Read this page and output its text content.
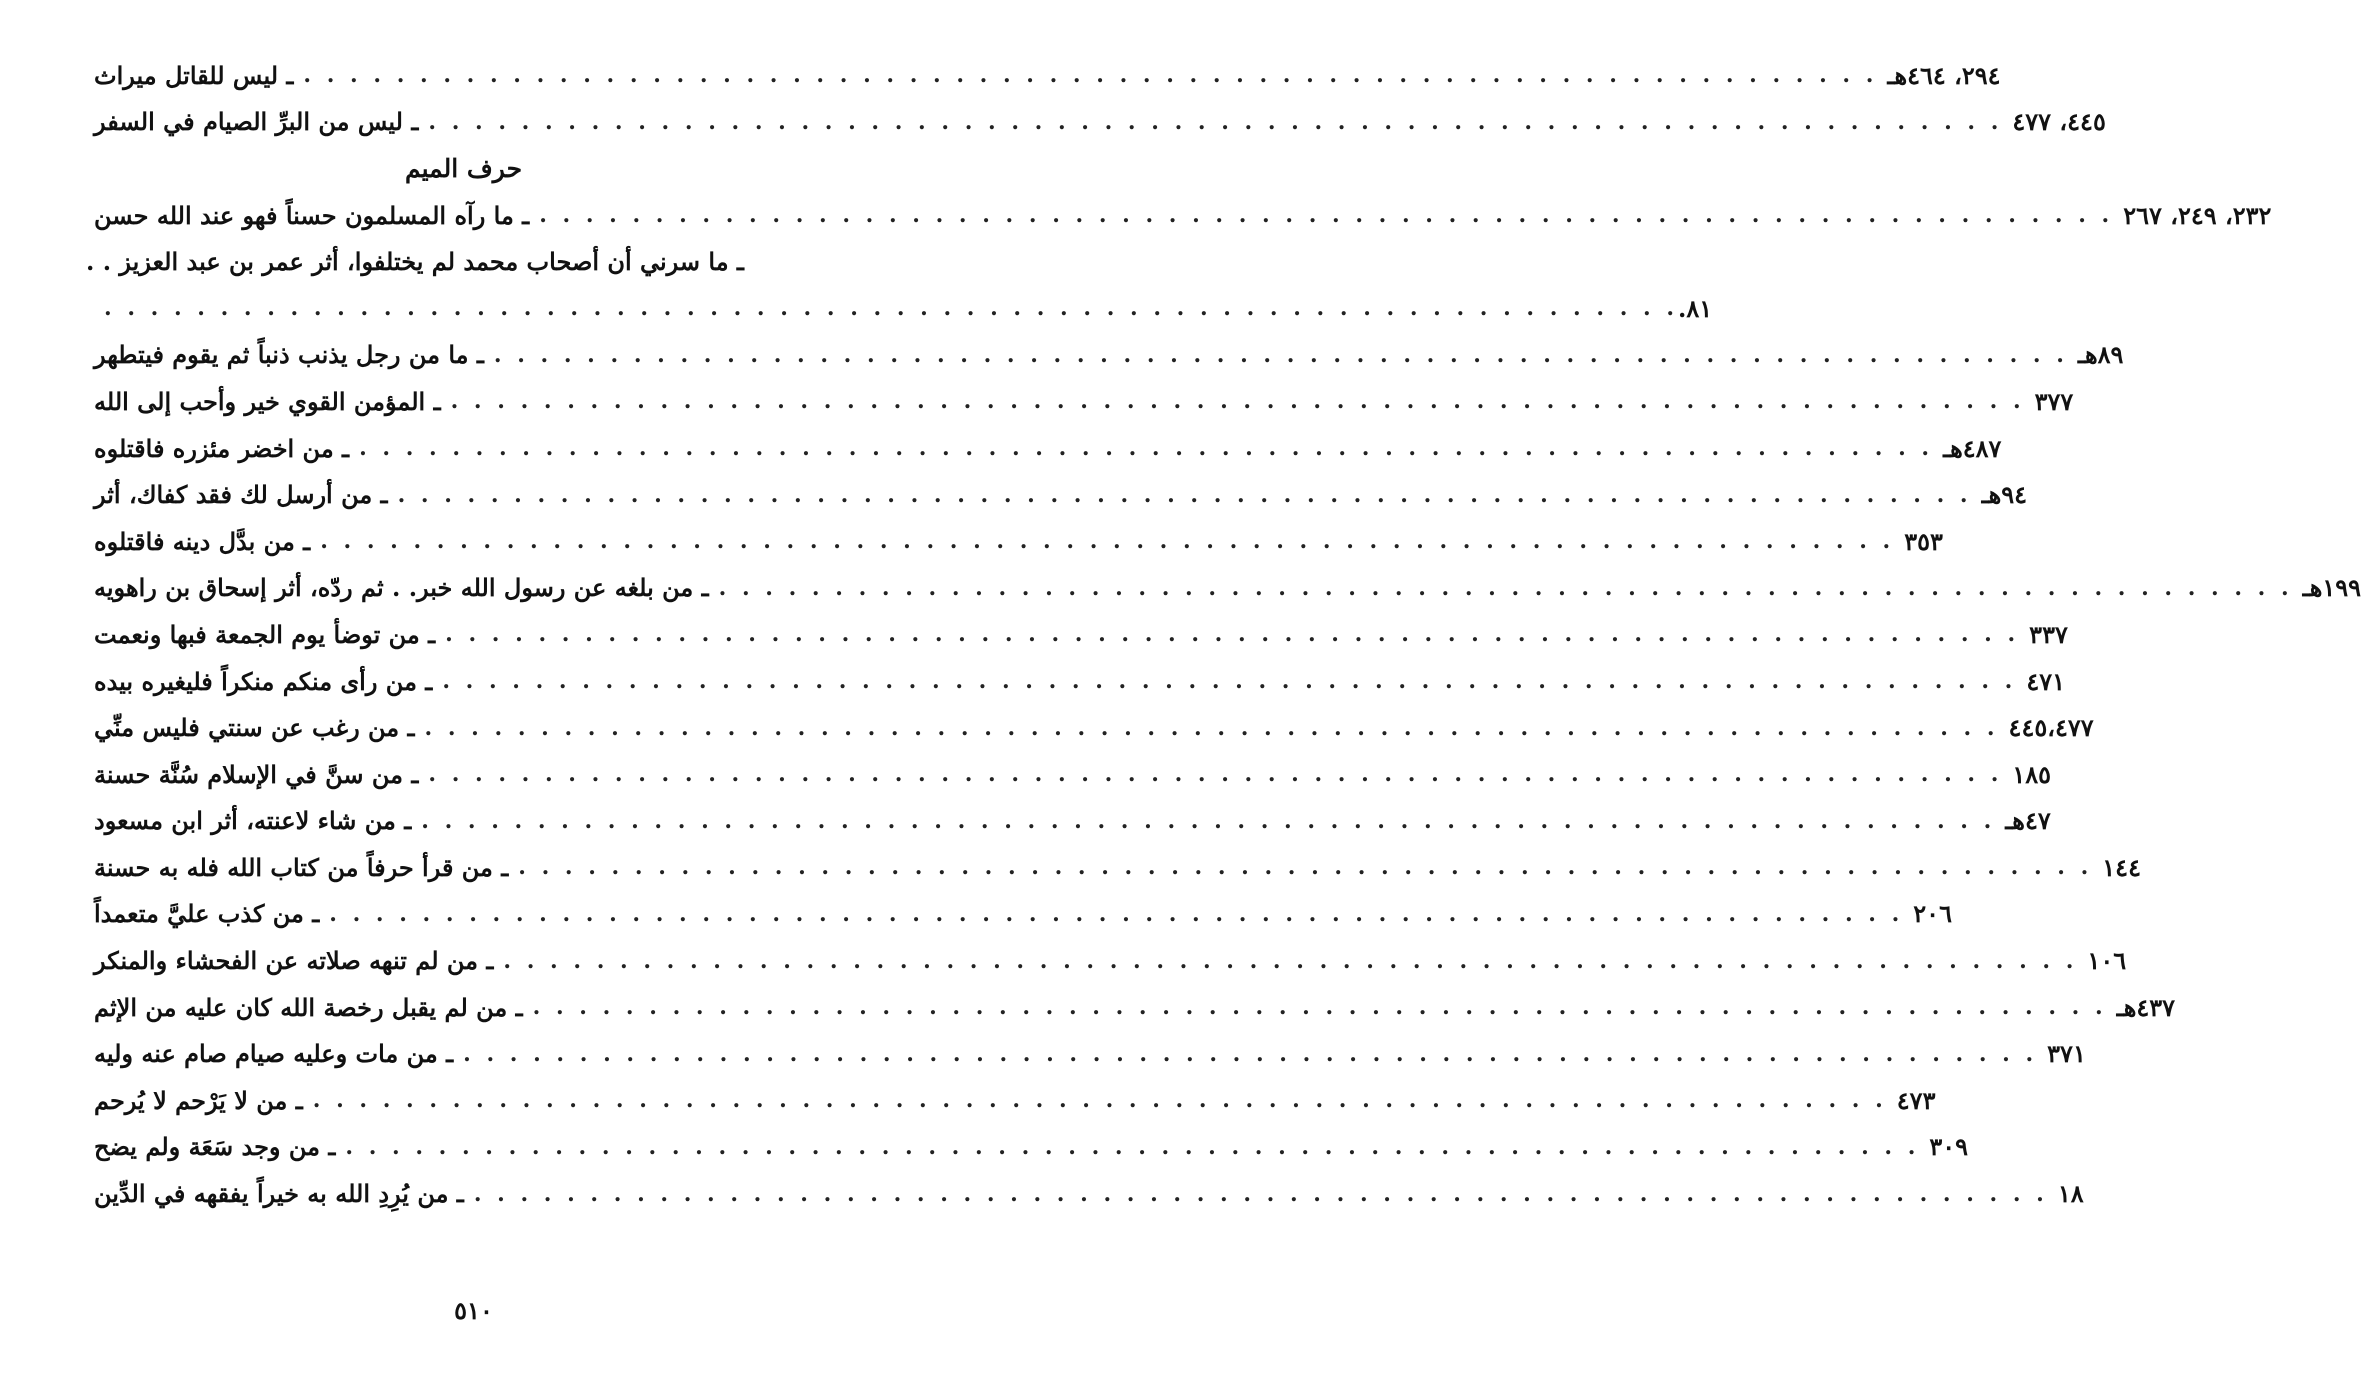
ـ ليس للقاتل ميراث . . . . . . . . . . . . . . . . . . . . . . . . . . . . . . . . . . . . . . . . . . . . . . . . . . . . . . . . . . . . . . . . . . . . ٢٩٤، ٤٦٤هـ
ـ ليس من البرِّ الصيام في السفر . . . . . . . . . . . . . . . . . . . . . . . . . . . . . . . . . . . . . . . . . . . . . . . . . . . . . . . . . . . . . . . . . . . . ٤٤٥، ٤٧٧
حرف الميم
ـ ما رآه المسلمون حسناً فهو عند الله حسن . . . . . . . . . . . . . . . . . . . . . . . . . . . . . . . . . . . . . . . . . . . . . . . . . . . . . . . . . . . . . . . . . . . . ٢٣٢، ٢٤٩، ٢٦٧
ـ ما سرني أن أصحاب محمد لم يختلفوا، أثر عمر بن عبد العزيز . .
. . . . . . . . . . . . . . . . . . . . . . . . . . . . . . . . . . . . . . . . . . . . . . . . . . . . . . . . . . . . . . . . . . . . ٨١.
ـ ما من رجل يذنب ذنباً ثم يقوم فيتطهر . . . . . . . . . . . . . . . . . . . . . . . . . . . . . . . . . . . . . . . . . . . . . . . . . . . . . . . . . . . . . . . . . . . . ٨٩هـ
ـ المؤمن القوي خير وأحب إلى الله . . . . . . . . . . . . . . . . . . . . . . . . . . . . . . . . . . . . . . . . . . . . . . . . . . . . . . . . . . . . . . . . . . . . ٣٧٧
ـ من اخضر مئزره فاقتلوه . . . . . . . . . . . . . . . . . . . . . . . . . . . . . . . . . . . . . . . . . . . . . . . . . . . . . . . . . . . . . . . . . . . . ٤٨٧هـ
ـ من أرسل لك فقد كفاك، أثر . . . . . . . . . . . . . . . . . . . . . . . . . . . . . . . . . . . . . . . . . . . . . . . . . . . . . . . . . . . . . . . . . . . . ٩٤هـ
ـ من بدَّل دينه فاقتلوه . . . . . . . . . . . . . . . . . . . . . . . . . . . . . . . . . . . . . . . . . . . . . . . . . . . . . . . . . . . . . . . . . . . . ٣٥٣
ـ من بلغه عن رسول الله خبر. . ثم ردّه، أثر إسحاق بن راهويه . . . . . . . . . . . . . . . . . . . . . . . . . . . . . . . . . . . . . . . . . . . . . . . . . . . . . . . . . . . . . . . . . . . . ١٩٩هـ
ـ من توضأ يوم الجمعة فبها ونعمت . . . . . . . . . . . . . . . . . . . . . . . . . . . . . . . . . . . . . . . . . . . . . . . . . . . . . . . . . . . . . . . . . . . . ٣٣٧
ـ من رأى منكم منكراً فليغيره بيده . . . . . . . . . . . . . . . . . . . . . . . . . . . . . . . . . . . . . . . . . . . . . . . . . . . . . . . . . . . . . . . . . . . . ٤٧١
ـ من رغب عن سنتي فليس منِّي . . . . . . . . . . . . . . . . . . . . . . . . . . . . . . . . . . . . . . . . . . . . . . . . . . . . . . . . . . . . . . . . . . . . ٤٤٥،٤٧٧
ـ من سنَّ في الإسلام سُنَّة حسنة . . . . . . . . . . . . . . . . . . . . . . . . . . . . . . . . . . . . . . . . . . . . . . . . . . . . . . . . . . . . . . . . . . . . ١٨٥
ـ من شاء لاعنته، أثر ابن مسعود . . . . . . . . . . . . . . . . . . . . . . . . . . . . . . . . . . . . . . . . . . . . . . . . . . . . . . . . . . . . . . . . . . . . ٤٧هـ
ـ من قرأ حرفاً من كتاب الله فله به حسنة . . . . . . . . . . . . . . . . . . . . . . . . . . . . . . . . . . . . . . . . . . . . . . . . . . . . . . . . . . . . . . . . . . . . ١٤٤
ـ من كذب عليَّ متعمداً . . . . . . . . . . . . . . . . . . . . . . . . . . . . . . . . . . . . . . . . . . . . . . . . . . . . . . . . . . . . . . . . . . . . ٢٠٦
ـ من لم تنهه صلاته عن الفحشاء والمنكر . . . . . . . . . . . . . . . . . . . . . . . . . . . . . . . . . . . . . . . . . . . . . . . . . . . . . . . . . . . . . . . . . . . . ١٠٦
ـ من لم يقبل رخصة الله كان عليه من الإثم . . . . . . . . . . . . . . . . . . . . . . . . . . . . . . . . . . . . . . . . . . . . . . . . . . . . . . . . . . . . . . . . . . . . ٤٣٧هـ
ـ من مات وعليه صيام صام عنه وليه . . . . . . . . . . . . . . . . . . . . . . . . . . . . . . . . . . . . . . . . . . . . . . . . . . . . . . . . . . . . . . . . . . . . ٣٧١
ـ من لا يَرْحم لا يُرحم . . . . . . . . . . . . . . . . . . . . . . . . . . . . . . . . . . . . . . . . . . . . . . . . . . . . . . . . . . . . . . . . . . . . ٤٧٣
ـ من وجد سَعَة ولم يضح . . . . . . . . . . . . . . . . . . . . . . . . . . . . . . . . . . . . . . . . . . . . . . . . . . . . . . . . . . . . . . . . . . . . ٣٠٩
ـ من يُرِدِ الله به خيراً يفقهه في الدِّين . . . . . . . . . . . . . . . . . . . . . . . . . . . . . . . . . . . . . . . . . . . . . . . . . . . . . . . . . . . . . . . . . . . . ١٨
٥١٠
